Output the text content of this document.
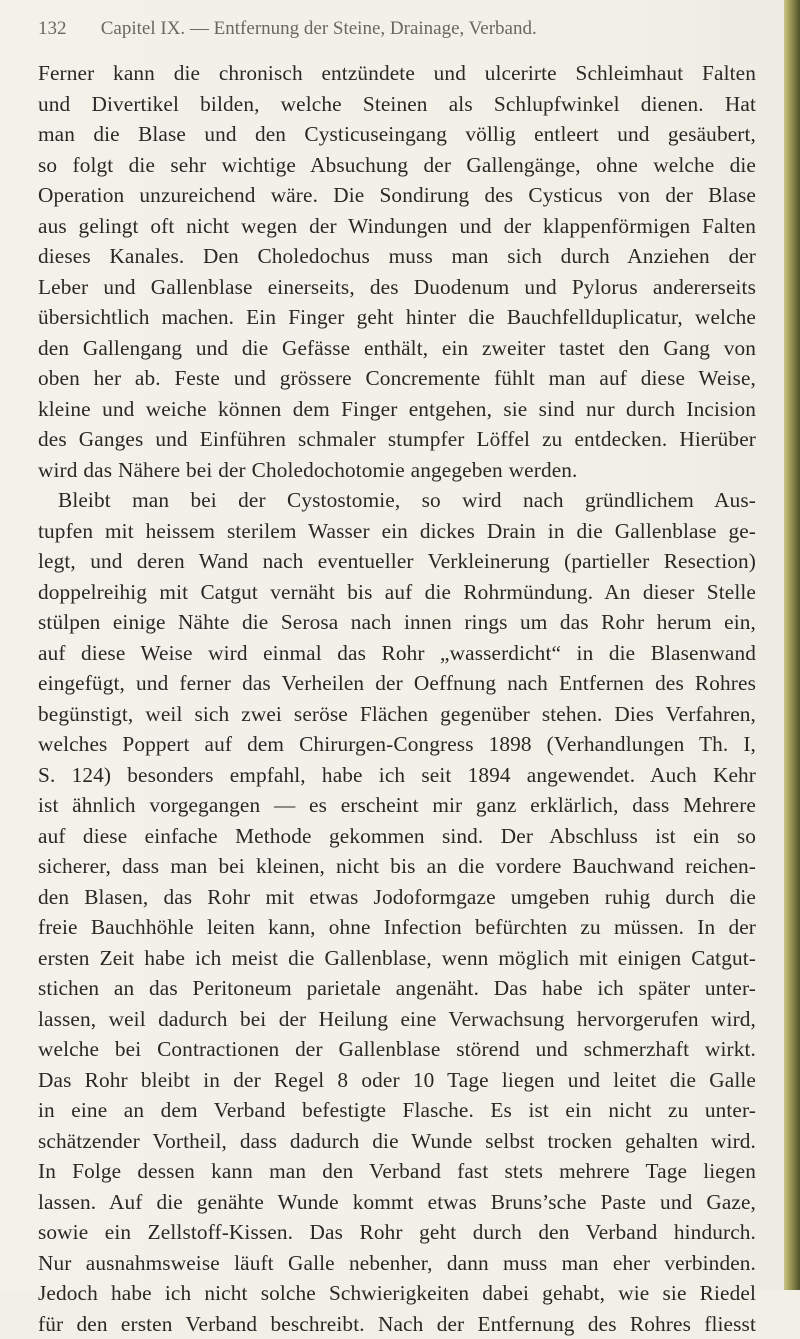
132 Capitel IX. — Entfernung der Steine, Drainage, Verband.
Ferner kann die chronisch entzündete und ulcerirte Schleimhaut Falten
und Divertikel bilden, welche Steinen als Schlupfwinkel dienen. Hat
man die Blase und den Cysticuseingang völlig entleert und gesäubert,
so folgt die sehr wichtige Absuchung der Gallengänge, ohne welche die
Operation unzureichend wäre. Die Sondirung des Cysticus von der Blase
aus gelingt oft nicht wegen der Windungen und der klappenförmigen Falten
dieses Kanales. Den Choledochus muss man sich durch Anziehen der
Leber und Gallenblase einerseits, des Duodenum und Pylorus andererseits
übersichtlich machen. Ein Finger geht hinter die Bauchfellduplicatur, welche
den Gallengang und die Gefässe enthält, ein zweiter tastet den Gang von
oben her ab. Feste und grössere Concremente fühlt man auf diese Weise,
kleine und weiche können dem Finger entgehen, sie sind nur durch Incision
des Ganges und Einführen schmaler stumpfer Löffel zu entdecken. Hierüber
wird das Nähere bei der Choledochotomie angegeben werden.
Bleibt man bei der Cystostomie, so wird nach gründlichem Aus-
tupfen mit heissem sterilem Wasser ein dickes Drain in die Gallenblase ge-
legt, und deren Wand nach eventueller Verkleinerung (partieller Resection)
doppelreihig mit Catgut vernäht bis auf die Rohrmündung. An dieser Stelle
stülpen einige Nähte die Serosa nach innen rings um das Rohr herum ein,
auf diese Weise wird einmal das Rohr „wasserdicht“ in die Blasenwand
eingefügt, und ferner das Verheilen der Oeffnung nach Entfernen des Rohres
begünstigt, weil sich zwei seröse Flächen gegenüber stehen. Dies Verfahren,
welches Poppert auf dem Chirurgen-Congress 1898 (Verhandlungen Th. I,
S. 124) besonders empfahl, habe ich seit 1894 angewendet. Auch Kehr
ist ähnlich vorgegangen — es erscheint mir ganz erklärlich, dass Mehrere
auf diese einfache Methode gekommen sind. Der Abschluss ist ein so
sicherer, dass man bei kleinen, nicht bis an die vordere Bauchwand reichen-
den Blasen, das Rohr mit etwas Jodoformgaze umgeben ruhig durch die
freie Bauchhöhle leiten kann, ohne Infection befürchten zu müssen. In der
ersten Zeit habe ich meist die Gallenblase, wenn möglich mit einigen Catgut-
stichen an das Peritoneum parietale angenäht. Das habe ich später unter-
lassen, weil dadurch bei der Heilung eine Verwachsung hervorgerufen wird,
welche bei Contractionen der Gallenblase störend und schmerzhaft wirkt.
Das Rohr bleibt in der Regel 8 oder 10 Tage liegen und leitet die Galle
in eine an dem Verband befestigte Flasche. Es ist ein nicht zu unter-
schätzender Vortheil, dass dadurch die Wunde selbst trocken gehalten wird.
In Folge dessen kann man den Verband fast stets mehrere Tage liegen
lassen. Auf die genähte Wunde kommt etwas Bruns’sche Paste und Gaze,
sowie ein Zellstoff-Kissen. Das Rohr geht durch den Verband hindurch.
Nur ausnahmsweise läuft Galle nebenher, dann muss man eher verbinden.
Jedoch habe ich nicht solche Schwierigkeiten dabei gehabt, wie sie Riedel
für den ersten Verband beschreibt. Nach der Entfernung des Rohres fliesst
